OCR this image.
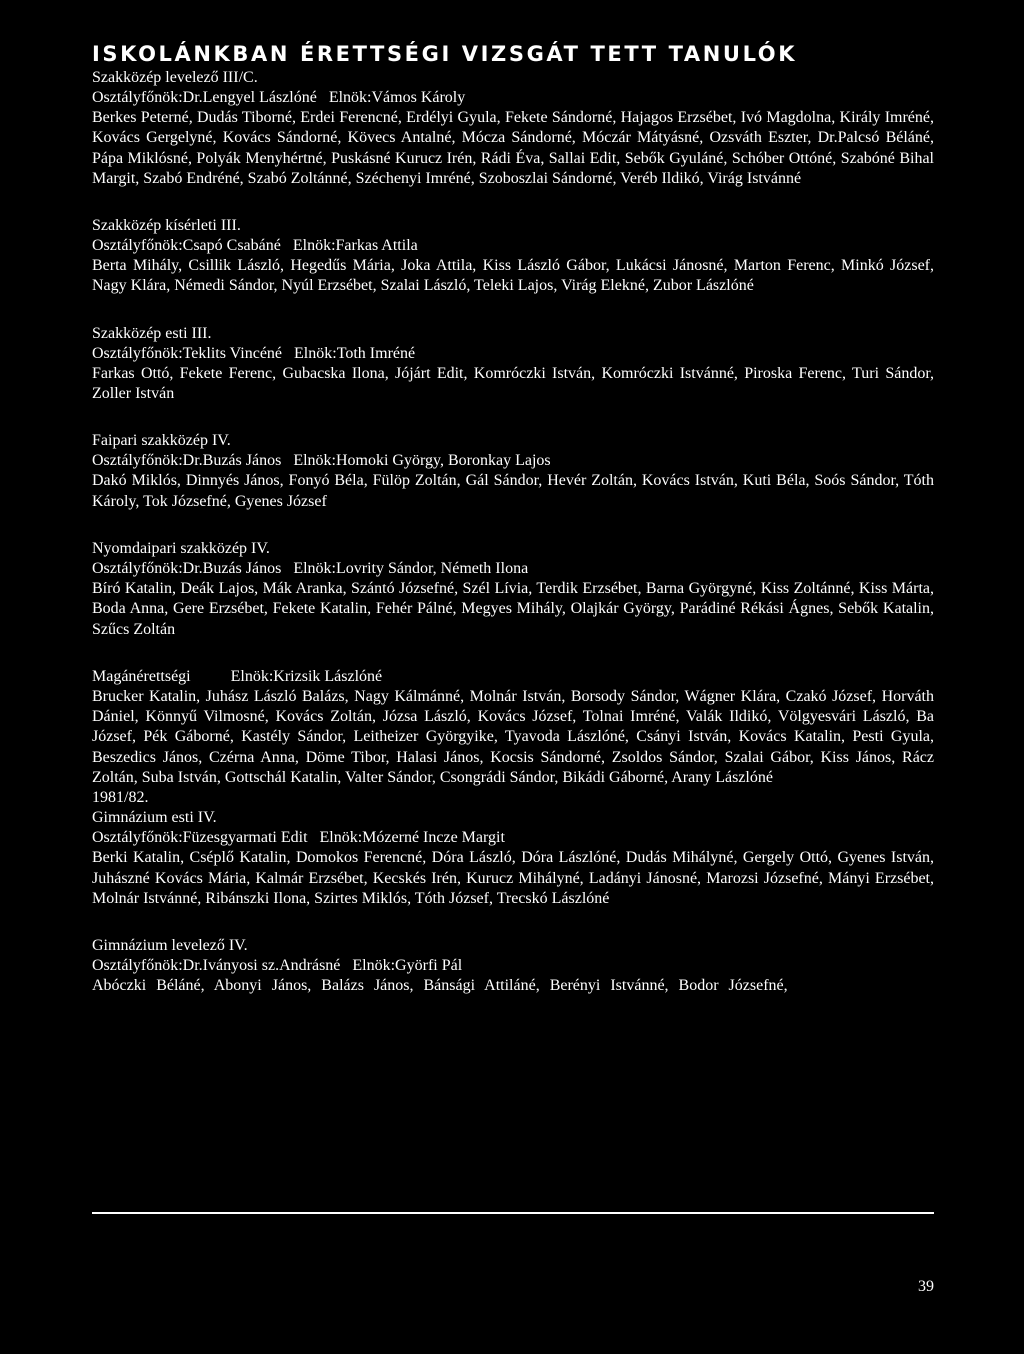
ISKOLÁNKBAN ÉRETTSÉGI VIZSGÁT TETT TANULÓK

Szakközép levelező III/C.

Osztályfőnök:Dr.Lengyel Lászlóné Elnök:Vámos Károly

Berkes Peterné, Dudás Tiborné, Erdei Ferencné, Erdélyi Gyula, Fekete Sándorné, Hajagos Erzsébet, Ivó Magdolna, Király Imréné, Kovács Gergelyné, Kovács Sándorné, Kövecs Antalné, Mócza Sándorné, Móczár Mátyásné, Ozsváth Eszter, Dr.Palcsó Béláné, Pápa Miklósné, Polyák Menyhértné, Puskásné Kurucz Irén, Rádi Éva, Sallai Edit, Sebők Gyuláné, Schóber Ottóné, Szabóné Bihal Margit, Szabó Endréné, Szabó Zoltánné, Széchenyi Imréné, Szoboszlai Sándorné, Veréb Ildikó, Virág Istvánné

Szakközép kísérleti III.

Osztályfőnök:Csapó Csabáné Elnök:Farkas Attila

Berta Mihály, Csillik László, Hegedűs Mária, Joka Attila, Kiss László Gábor, Lukácsi Jánosné, Marton Ferenc, Minkó József, Nagy Klára, Némedi Sándor, Nyúl Erzsébet, Szalai László, Teleki Lajos, Virág Elekné, Zubor Lászlóné

Szakközép esti III.

Osztályfőnök:Teklits Vincéné Elnök:Toth Imréné

Farkas Ottó, Fekete Ferenc, Gubacska Ilona, Jójárt Edit, Komróczki István, Komróczki Istvánné, Piroska Ferenc, Turi Sándor, Zoller István

Faipari szakközép IV.

Osztályfőnök:Dr.Buzás János Elnök:Homoki György, Boronkay Lajos

Dakó Miklós, Dinnyés János, Fonyó Béla, Fülöp Zoltán, Gál Sándor, Hevér Zoltán, Kovács István, Kuti Béla, Soós Sándor, Tóth Károly, Tok Józsefné, Gyenes József

Nyomdaipari szakközép IV.

Osztályfőnök:Dr.Buzás János Elnök:Lovrity Sándor, Németh Ilona

Bíró Katalin, Deák Lajos, Mák Aranka, Szántó Józsefné, Szél Lívia, Terdik Erzsébet, Barna Györgyné, Kiss Zoltánné, Kiss Márta, Boda Anna, Gere Erzsébet, Fekete Katalin, Fehér Pálné, Megyes Mihály, Olajkár György, Parádiné Rékási Ágnes, Sebők Katalin, Szűcs Zoltán

Magánérettségi	Elnök:Krizsik Lászlóné

Brucker Katalin, Juhász László Balázs, Nagy Kálmánné, Molnár István, Borsody Sándor, Wágner Klára, Czakó József, Horváth Dániel, Könnyű Vilmosné, Kovács Zoltán, Józsa László, Kovács József, Tolnai Imréné, Valák Ildikó, Völgyesvári László, Ba József, Pék Gáborné, Kastély Sándor, Leitheizer Györgyike, Tyavoda Lászlóné, Csányi István, Kovács Katalin, Pesti Gyula, Beszedics János, Czérna Anna, Döme Tibor, Halasi János, Kocsis Sándorné, Zsoldos Sándor, Szalai Gábor, Kiss János, Rácz Zoltán, Suba István, Gottschál Katalin, Valter Sándor, Csongrádi Sándor, Bikádi Gáborné, Arany Lászlóné

1981/82.

Gimnázium esti IV.

Osztályfőnök:Füzesgyarmati Edit Elnök:Mózerné Incze Margit

Berki Katalin, Cséplő Katalin, Domokos Ferencné, Dóra László, Dóra Lászlóné, Dudás Mihályné, Gergely Ottó, Gyenes István, Juhászné Kovács Mária, Kalmár Erzsébet, Kecskés Irén, Kurucz Mihályné, Ladányi Jánosné, Marozsi Józsefné, Mányi Erzsébet, Molnár Istvánné, Ribánszki Ilona, Szirtes Miklós, Tóth József, Trecskó Lászlóné

Gimnázium levelező IV.

Osztályfőnök:Dr.Iványosi sz.Andrásné Elnök:Györfi Pál

Abóczki Béláné, Abonyi János, Balázs János, Bánsági Attiláné, Berényi Istvánné, Bodor Józsefné,

39
